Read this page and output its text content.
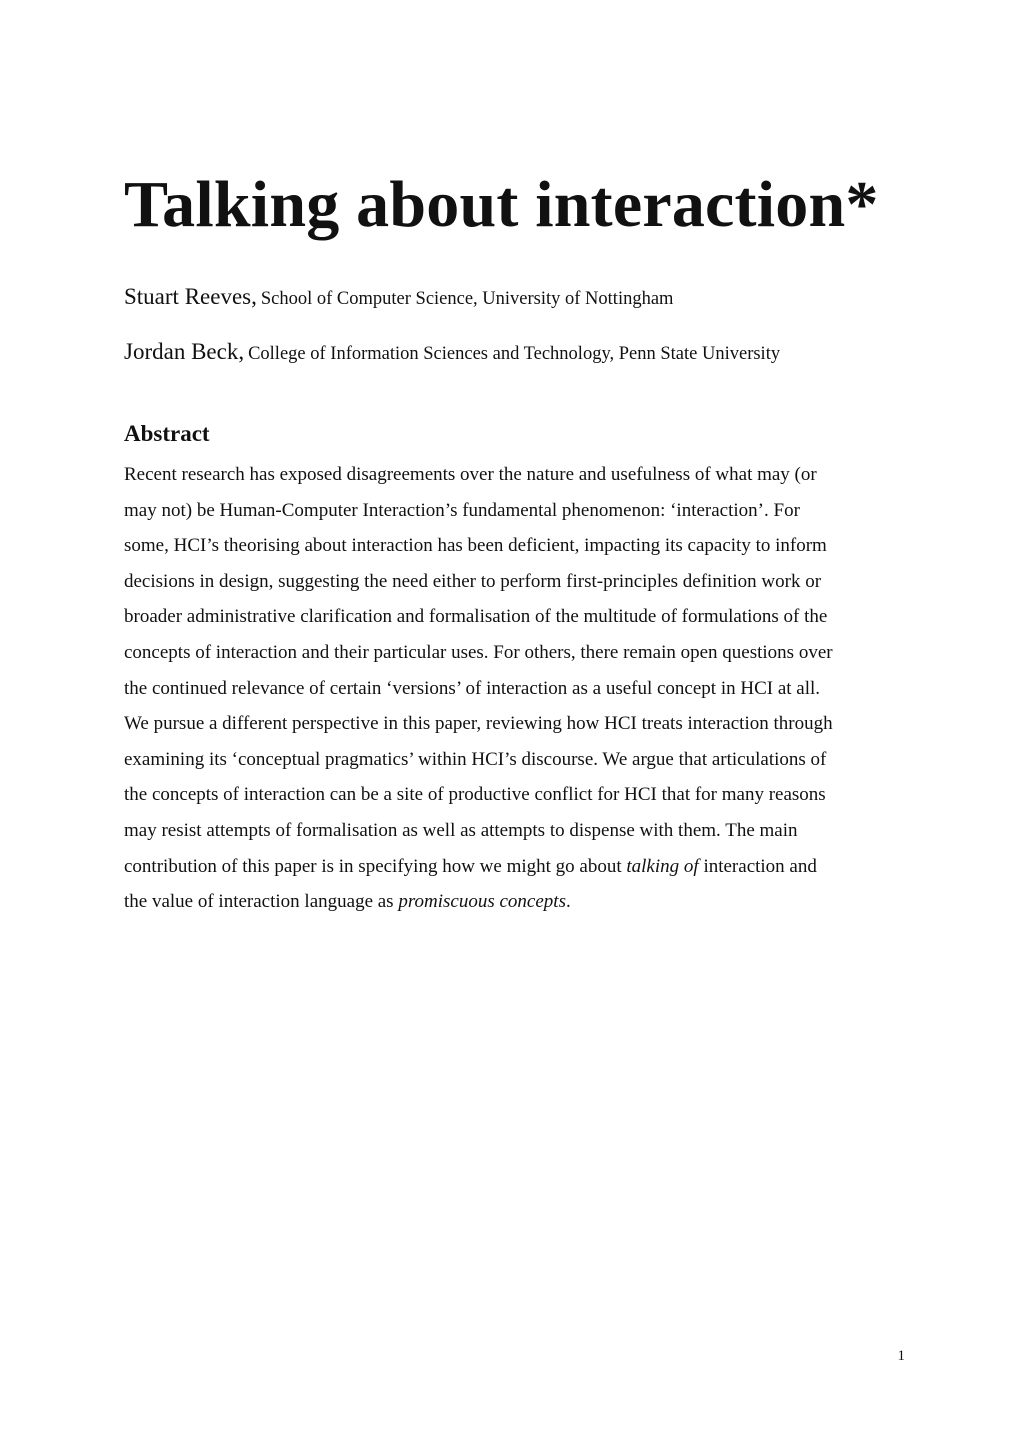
Talking about interaction*

Stuart Reeves, School of Computer Science, University of Nottingham

Jordan Beck, College of Information Sciences and Technology, Penn State University

Abstract
Recent research has exposed disagreements over the nature and usefulness of what may (or
may not) be Human-Computer Interaction’s fundamental phenomenon: ‘interaction’. For
some, HCI’s theorising about interaction has been deficient, impacting its capacity to inform
decisions in design, suggesting the need either to perform first-principles definition work or
broader administrative clarification and formalisation of the multitude of formulations of the
concepts of interaction and their particular uses. For others, there remain open questions over
the continued relevance of certain ‘versions’ of interaction as a useful concept in HCI at all.
We pursue a different perspective in this paper, reviewing how HCI treats interaction through
examining its ‘conceptual pragmatics’ within HCI’s discourse. We argue that articulations of
the concepts of interaction can be a site of productive conflict for HCI that for many reasons
may resist attempts of formalisation as well as attempts to dispense with them. The main
contribution of this paper is in specifying how we might go about talking of interaction and
the value of interaction language as promiscuous concepts.

1
